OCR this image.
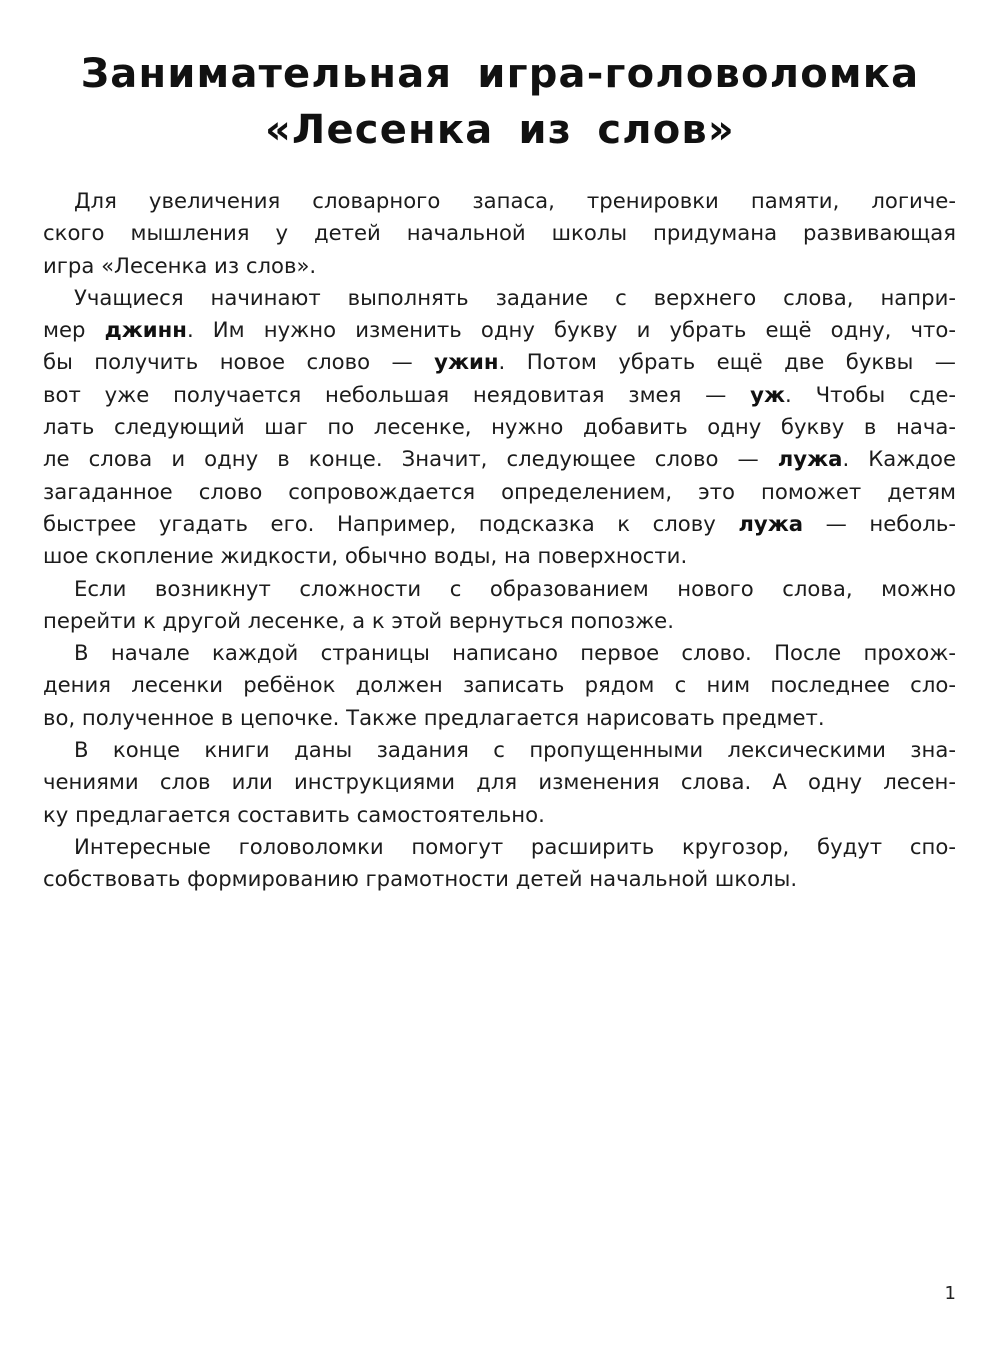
Занимательная игра-головоломка
«Лесенка из слов»

Для увеличения словарного запаса, тренировки памяти, логиче-
ского мышления у детей начальной школы придумана развивающая
игра «Лесенка из слов».

Учащиеся начинают выполнять задание с верхнего слова, напри-
мер джинн. Им нужно изменить одну букву и убрать ещё одну, что-
бы получить новое слово — ужин. Потом убрать ещё две буквы —
вот уже получается небольшая неядовитая змея — уж. Чтобы сде-
лать следующий шаг по лесенке, нужно добавить одну букву в нача-
ле слова и одну в конце. Значит, следующее слово — лужа. Каждое
загаданное слово сопровождается определением, это поможет детям
быстрее угадать его. Например, подсказка к слову лужа — неболь-
шое скопление жидкости, обычно воды, на поверхности.

Если возникнут сложности с образованием нового слова, можно
перейти к другой лесенке, а к этой вернуться попозже.

В начале каждой страницы написано первое слово. После прохож-
дения лесенки ребёнок должен записать рядом с ним последнее сло-
во, полученное в цепочке. Также предлагается нарисовать предмет.

В конце книги даны задания с пропущенными лексическими зна-
чениями слов или инструкциями для изменения слова. А одну лесен-
ку предлагается составить самостоятельно.

Интересные головоломки помогут расширить кругозор, будут спо-
собствовать формированию грамотности детей начальной школы.

1
